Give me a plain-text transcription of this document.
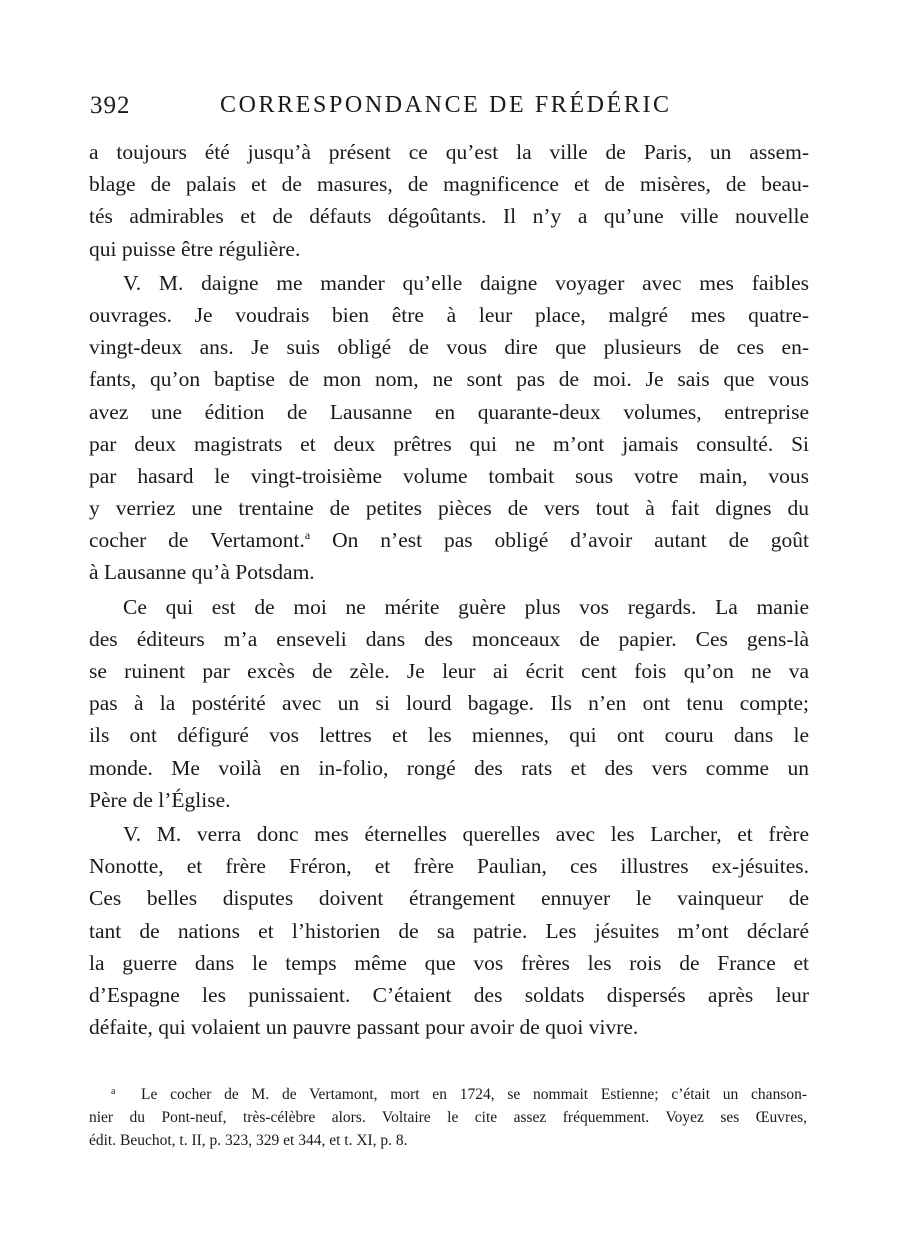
392	CORRESPONDANCE DE FRÉDÉRIC

a toujours été jusqu’à présent ce qu’est la ville de Paris, un assem-
blage de palais et de masures, de magnificence et de misères, de beau-
tés admirables et de défauts dégoûtants. Il n’y a qu’une ville nouvelle
qui puisse être régulière.

V. M. daigne me mander qu’elle daigne voyager avec mes faibles
ouvrages. Je voudrais bien être à leur place, malgré mes quatre-
vingt-deux ans. Je suis obligé de vous dire que plusieurs de ces en-
fants, qu’on baptise de mon nom, ne sont pas de moi. Je sais que vous
avez une édition de Lausanne en quarante-deux volumes, entreprise
par deux magistrats et deux prêtres qui ne m’ont jamais consulté. Si
par hasard le vingt-troisième volume tombait sous votre main, vous
y verriez une trentaine de petites pièces de vers tout à fait dignes du
cocher de Vertamont.$^a$ On n’est pas obligé d’avoir autant de goût
à Lausanne qu’à Potsdam.

Ce qui est de moi ne mérite guère plus vos regards. La manie
des éditeurs m’a enseveli dans des monceaux de papier. Ces gens-là
se ruinent par excès de zèle. Je leur ai écrit cent fois qu’on ne va
pas à la postérité avec un si lourd bagage. Ils n’en ont tenu compte;
ils ont défiguré vos lettres et les miennes, qui ont couru dans le
monde. Me voilà en in-folio, rongé des rats et des vers comme un
Père de l’Église.

V. M. verra donc mes éternelles querelles avec les Larcher, et frère
Nonotte, et frère Fréron, et frère Paulian, ces illustres ex-jésuites.
Ces belles disputes doivent étrangement ennuyer le vainqueur de
tant de nations et l’historien de sa patrie. Les jésuites m’ont déclaré
la guerre dans le temps même que vos frères les rois de France et
d’Espagne les punissaient. C’étaient des soldats dispersés après leur
défaite, qui volaient un pauvre passant pour avoir de quoi vivre.

$^a$ Le cocher de M. de Vertamont, mort en 1724, se nommait Estienne; c’était un chanson-
nier du Pont-neuf, très-célèbre alors. Voltaire le cite assez fréquemment. Voyez ses Œuvres,
édit. Beuchot, t. II, p. 323, 329 et 344, et t. XI, p. 8.
